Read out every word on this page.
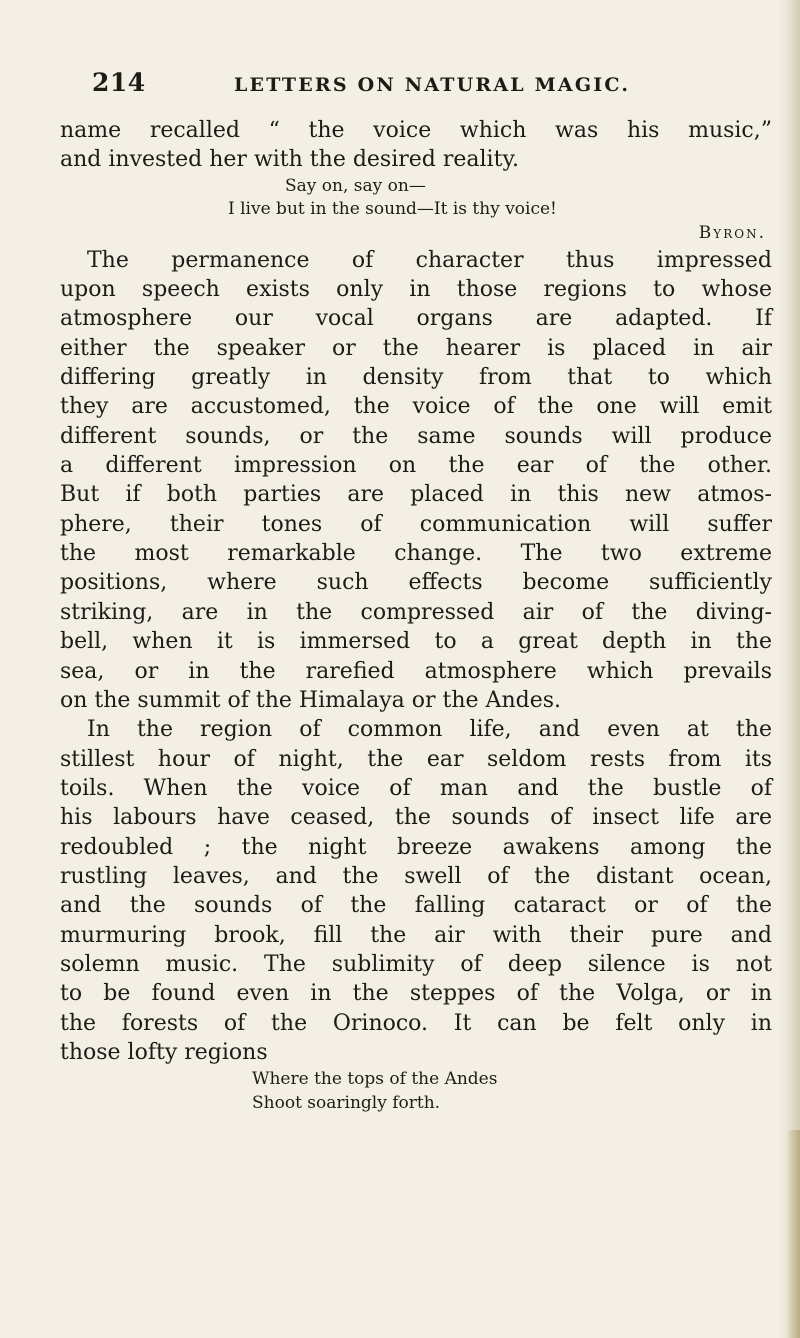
214	LETTERS ON NATURAL MAGIC.
name recalled “ the voice which was his music,”
and invested her with the desired reality.
Say on, say on—
I live but in the sound—It is thy voice!
Byron.
The permanence of character thus impressed
upon speech exists only in those regions to whose
atmosphere our vocal organs are adapted. If
either the speaker or the hearer is placed in air
differing greatly in density from that to which
they are accustomed, the voice of the one will emit
different sounds, or the same sounds will produce
a different impression on the ear of the other.
But if both parties are placed in this new atmos-
phere, their tones of communication will suffer
the most remarkable change. The two extreme
positions, where such effects become sufficiently
striking, are in the compressed air of the diving-
bell, when it is immersed to a great depth in the
sea, or in the rarefied atmosphere which prevails
on the summit of the Himalaya or the Andes.
In the region of common life, and even at the
stillest hour of night, the ear seldom rests from its
toils. When the voice of man and the bustle of
his labours have ceased, the sounds of insect life are
redoubled ; the night breeze awakens among the
rustling leaves, and the swell of the distant ocean,
and the sounds of the falling cataract or of the
murmuring brook, fill the air with their pure and
solemn music. The sublimity of deep silence is not
to be found even in the steppes of the Volga, or in
the forests of the Orinoco. It can be felt only in
those lofty regions
Where the tops of the Andes
Shoot soaringly forth.
